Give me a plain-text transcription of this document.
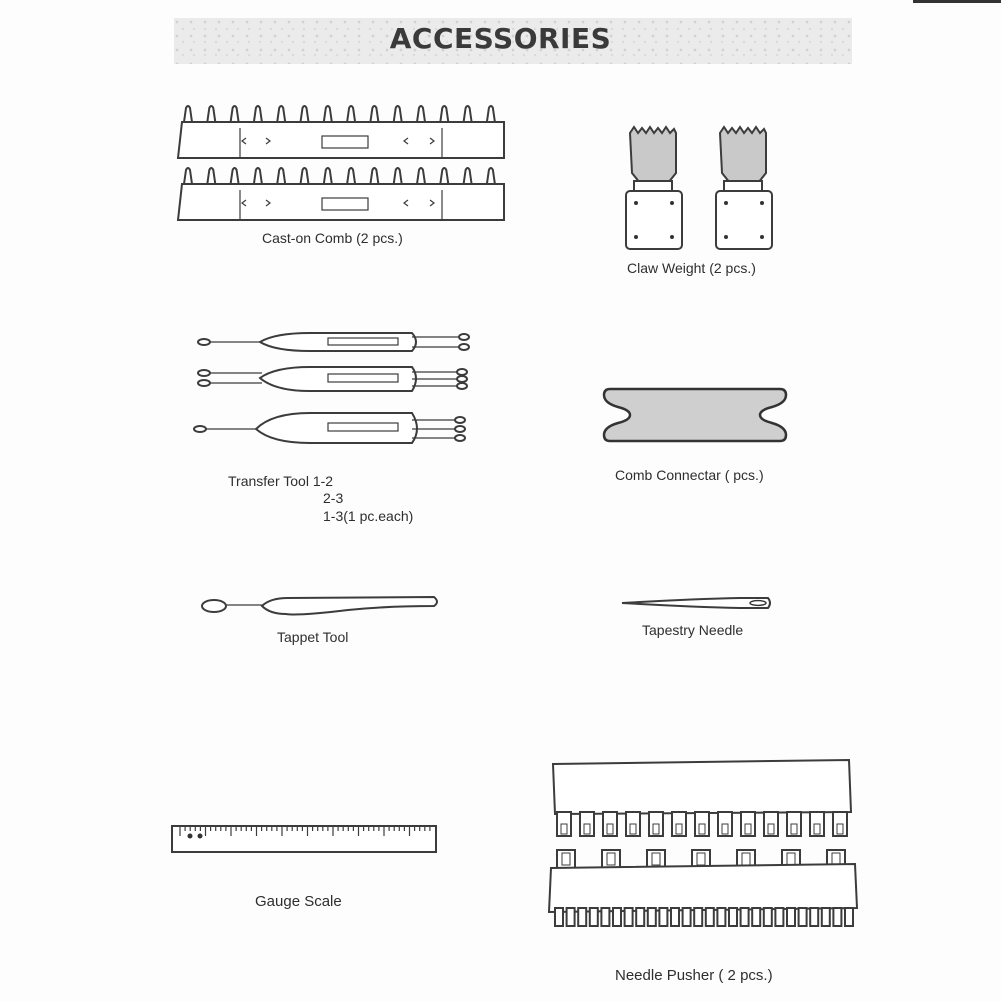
ACCESSORIES
Cast-on Comb (2 pcs.)
Claw Weight (2 pcs.)
Transfer Tool 1-2
2-3
1-3(1 pc.each)
Comb Connectar ( pcs.)
Tappet Tool	Tapestry Needle
Gauge Scale
Needle Pusher ( 2 pcs.)
